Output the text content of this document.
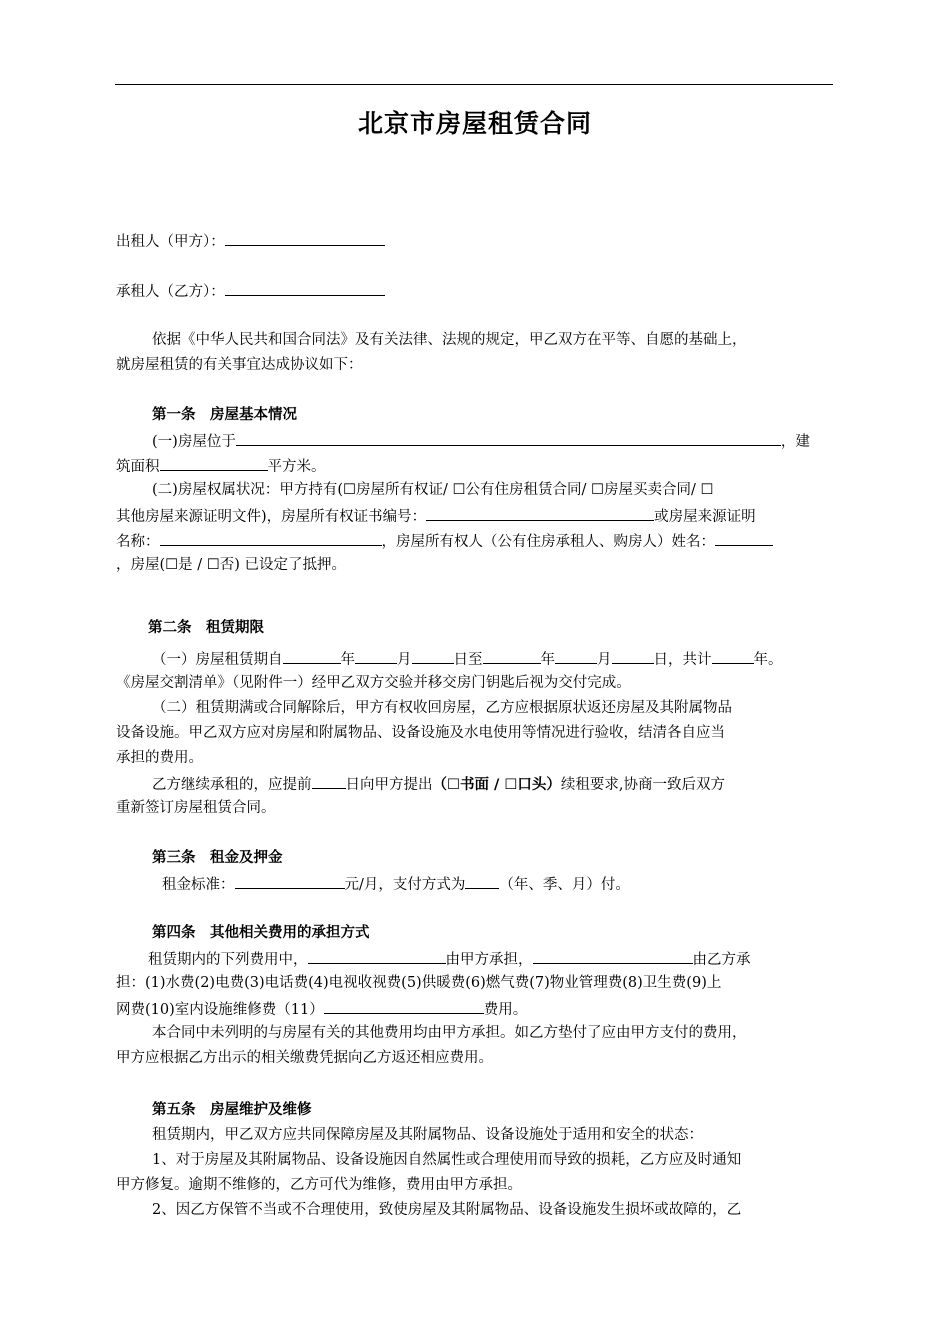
北京市房屋租赁合同
出租人（甲方）：
承租人（乙方）：
依据《中华人民共和国合同法》及有关法律、法规的规定，甲乙双方在平等、自愿的基础上，
就房屋租赁的有关事宜达成协议如下：
第一条　房屋基本情况
(一)房屋位于	，建
筑面积	平方米。
(二)房屋权属状况：甲方持有(☐房屋所有权证/ ☐公有住房租赁合同/ ☐房屋买卖合同/ ☐
其他房屋来源证明文件)，房屋所有权证书编号：	或房屋来源证明
名称：	，房屋所有权人（公有住房承租人、购房人）姓名：
，房屋(☐是 / ☐否) 已设定了抵押。
第二条　租赁期限
（一）房屋租赁期自	年	月	日至	年	月	日，共计	年。
《房屋交割清单》（见附件一）经甲乙双方交验并移交房门钥匙后视为交付完成。
（二）租赁期满或合同解除后，甲方有权收回房屋，乙方应根据原状返还房屋及其附属物品
设备设施。甲乙双方应对房屋和附属物品、设备设施及水电使用等情况进行验收，结清各自应当
承担的费用。
乙方继续承租的，应提前 日向甲方提出（☐书面 / ☐口头）续租要求,协商一致后双方
重新签订房屋租赁合同。
第三条　租金及押金
租金标准：	元/月，支付方式为 （年、季、月）付。
第四条　其他相关费用的承担方式
租赁期内的下列费用中，	由甲方承担，	由乙方承
担：(1)水费(2)电费(3)电话费(4)电视收视费(5)供暖费(6)燃气费(7)物业管理费(8)卫生费(9)上
网费(10)室内设施维修费（11）	费用。
本合同中未列明的与房屋有关的其他费用均由甲方承担。如乙方垫付了应由甲方支付的费用，
甲方应根据乙方出示的相关缴费凭据向乙方返还相应费用。
第五条　房屋维护及维修
租赁期内，甲乙双方应共同保障房屋及其附属物品、设备设施处于适用和安全的状态：
1、对于房屋及其附属物品、设备设施因自然属性或合理使用而导致的损耗，乙方应及时通知
甲方修复。逾期不维修的，乙方可代为维修，费用由甲方承担。
2、因乙方保管不当或不合理使用，致使房屋及其附属物品、设备设施发生损坏或故障的，乙
